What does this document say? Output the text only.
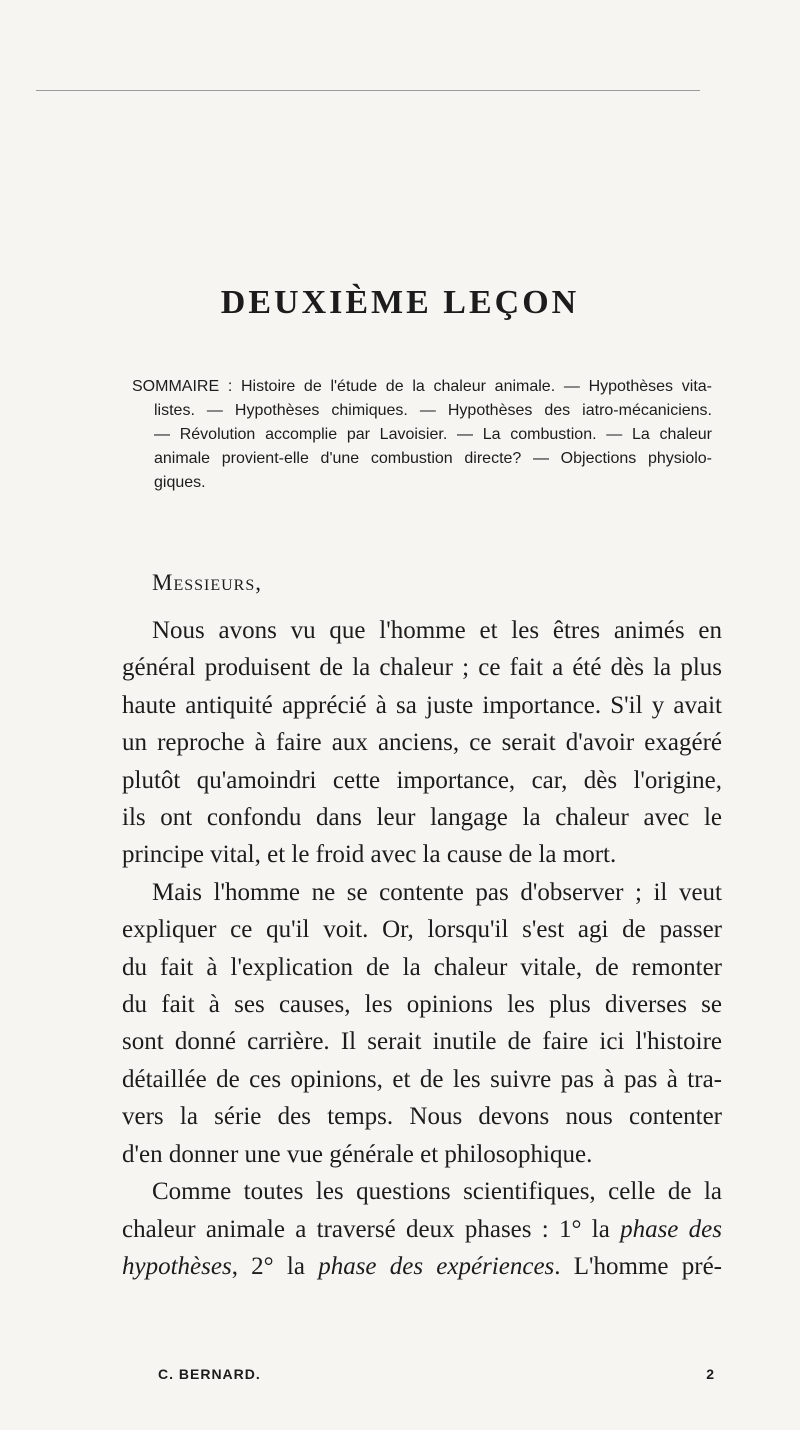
DEUXIÈME LEÇON
SOMMAIRE : Histoire de l'étude de la chaleur animale. — Hypothèses vita-
listes. — Hypothèses chimiques. — Hypothèses des iatro-mécaniciens.
— Révolution accomplie par Lavoisier. — La combustion. — La chaleur
animale provient-elle d'une combustion directe? — Objections physiolo-
giques.
Messieurs,
Nous avons vu que l'homme et les êtres animés en
général produisent de la chaleur ; ce fait a été dès la plus
haute antiquité apprécié à sa juste importance. S'il y avait
un reproche à faire aux anciens, ce serait d'avoir exagéré
plutôt qu'amoindri cette importance, car, dès l'origine,
ils ont confondu dans leur langage la chaleur avec le
principe vital, et le froid avec la cause de la mort.
Mais l'homme ne se contente pas d'observer ; il veut
expliquer ce qu'il voit. Or, lorsqu'il s'est agi de passer
du fait à l'explication de la chaleur vitale, de remonter
du fait à ses causes, les opinions les plus diverses se
sont donné carrière. Il serait inutile de faire ici l'histoire
détaillée de ces opinions, et de les suivre pas à pas à tra-
vers la série des temps. Nous devons nous contenter
d'en donner une vue générale et philosophique.
Comme toutes les questions scientifiques, celle de la
chaleur animale a traversé deux phases : 1° la phase des
hypothèses, 2° la phase des expériences. L'homme pré-
C. BERNARD.	2
